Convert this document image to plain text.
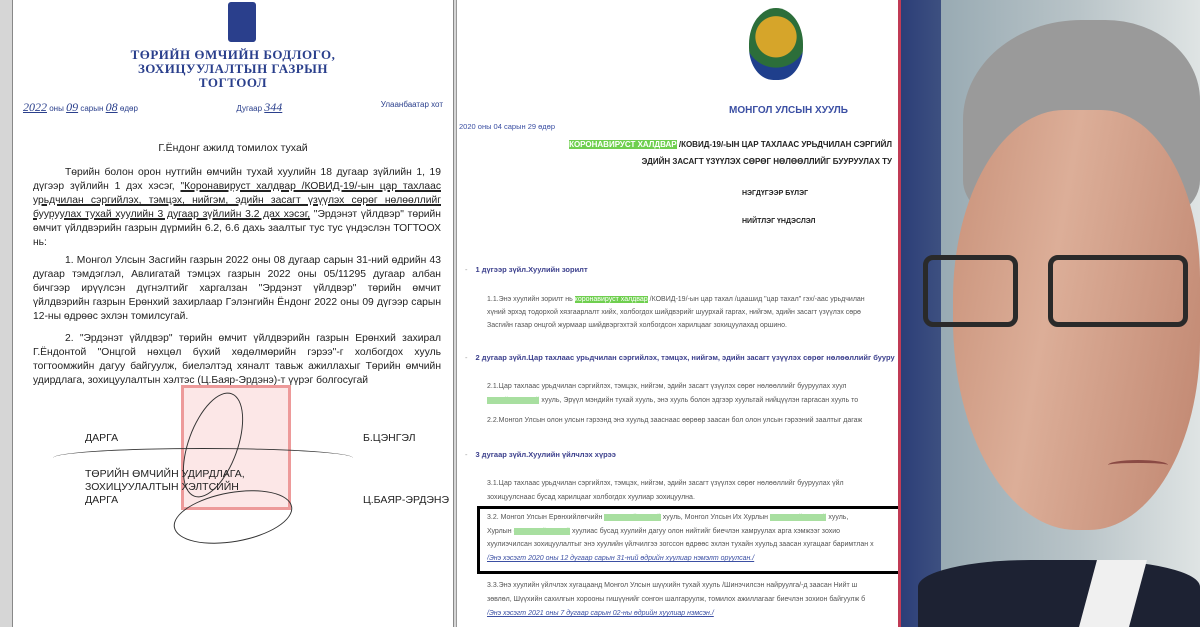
ТӨРИЙН ӨМЧИЙН БОДЛОГО,
ЗОХИЦУУЛАЛТЫН ГАЗРЫН
ТОГТООЛ
2022 оны 09 сарын 08 өдөр	Дугаар 344	Улаанбаатар хот
Г.Ёндонг ажилд томилох тухай
Төрийн болон орон нутгийн өмчийн тухай хуулийн 18 дугаар зүйлийн 1, 19 дүгээр зүйлийн 1 дэх хэсэг, "Коронавируст халдвар /КОВИД-19/-ын цар тахлаас урьдчилан сэргийлэх, тэмцэх, нийгэм, эдийн засагт үзүүлэх сөрөг нөлөөллийг бууруулах тухай хуулийн 3 дугаар зүйлийн 3.2 дах хэсэг, "Эрдэнэт үйлдвэр" төрийн өмчит үйлдвэрийн газрын дүрмийн 6.2, 6.6 дахь заалтыг тус тус үндэслэн ТОГТООХ нь:
1. Монгол Улсын Засгийн газрын 2022 оны 08 дугаар сарын 31-ний өдрийн 43 дугаар тэмдэглэл, Авлигатай тэмцэх газрын 2022 оны 05/11295 дугаар албан бичгээр ирүүлсэн дүгнэлтийг харгалзан "Эрдэнэт үйлдвэр" төрийн өмчит үйлдвэрийн газрын Ерөнхий захирлаар Гэлэнгийн Ёндонг 2022 оны 09 дүгээр сарын 12-ны өдрөөс эхлэн томилсугай.
2. "Эрдэнэт үйлдвэр" төрийн өмчит үйлдвэрийн газрын Ерөнхий захирал Г.Ёндонтой "Онцгой нөхцөл бүхий хөдөлмөрийн гэрээ"-г холбогдох хууль тогтоомжийн дагуу байгуулж, биелэлтэд хяналт тавьж ажиллахыг Төрийн өмчийн удирдлага, зохицуулалтын хэлтэс (Ц.Баяр-Эрдэнэ)-т үүрэг болгосугай
ДАРГА	Б.ЦЭНГЭЛ
ТӨРИЙН ӨМЧИЙН УДИРДЛАГА,
ЗОХИЦУУЛАЛТЫН ХЭЛТСИЙН
ДАРГА	Ц.БАЯР-ЭРДЭНЭ
МОНГОЛ УЛСЫН ХУУЛЬ
2020 оны 04 сарын 29 өдөр
КОРОНАВИРУСТ ХАЛДВАР /КОВИД-19/-ЫН ЦАР ТАХЛААС УРЬДЧИЛАН СЭРГИЙЛ
ЭДИЙН ЗАСАГТ ҮЗҮҮЛЭХ СӨРӨГ НӨЛӨӨЛЛИЙГ БУУРУУЛАХ ТУ
НЭГДҮГЭЭР БҮЛЭГ
НИЙТЛЭГ ҮНДЭСЛЭЛ
- 1 дүгээр зүйл.Хуулийн зорилт
1.1.Энэ хуулийн зорилт нь коронавируст халдвар /КОВИД-19/-ын цар тахал /цаашид "цар тахал" гэх/-аас урьдчилан
хүний эрхэд тодорхой хязгаарлалт хийх, холбогдох шийдвэрийг шуурхай гаргах, нийгэм, эдийн засагт үзүүлэх сөрө
Засгийн газар онцгой журмаар шийдвэргэхтэй холбогдсон харилцааг зохицуулахад оршино.
- 2 дугаар зүйл.Цар тахлаас урьдчилан сэргийлэх, тэмцэх, нийгэм, эдийн засагт үзүүлэх сөрөг нөлөөллийг бууру
2.1.Цар тахлаас урьдчилан сэргийлэх, тэмцэх, нийгэм, эдийн засагт үзүүлэх сөрөг нөлөөллийг бууруулах хуул
сэргийлэх тухай хууль, Эрүүл мэндийн тухай хууль, энэ хууль болон эдгээр хуультай нийцүүлэн гаргасан хууль то
2.2.Монгол Улсын олон улсын гэрээнд энэ хуульд зааснаас өөрөөр заасан бол олон улсын гэрээний заалтыг дагаж
- 3 дугаар зүйл.Хуулийн үйлчлэх хүрээ
3.1.Цар тахлаас урьдчилан сэргийлэх, тэмцэх, нийгэм, эдийн засагт үзүүлэх сөрөг нөлөөллийг бууруулах үйл
зохицуулснаас бусад харилцааг холбогдох хуулиар зохицуулна.
3.2. Монгол Улсын Ерөнхийлөгчийн сонгуулийн тухай хууль, Монгол Улсын Их Хурлын сонгуулийн тухай хууль,
Хурлын сонгуулийн тухай хуулиас бусад хуулийн дагуу олон нийтийг биечлэн хамруулах арга хэмжээг зохио
хуулиэчилсан зохицуулалтыг энэ хуулийн үйлчилгээ зогссон өдрөөс эхлэн тухайн хуульд заасан хугацааг баримтлан х
/Энэ хэсэгт 2020 оны 12 дугаар сарын 31-ний өдрийн хуулиар нэмэлт оруулсан./
3.3.Энэ хуулийн үйлчлэх хугацаанд Монгол Улсын шүүхийн тухай хууль /Шинэчилсэн найруулга/-д заасан Нийт ш
зөвлөл, Шүүхийн сахилгын хорооны гишүүнийг сонгон шалгаруулж, томилох ажиллагааг биечлэн зохион байгуулж б
/Энэ хэсэгт 2021 оны 7 дугаар сарын 02-ны өдрийн хуулиар нэмсэн./
